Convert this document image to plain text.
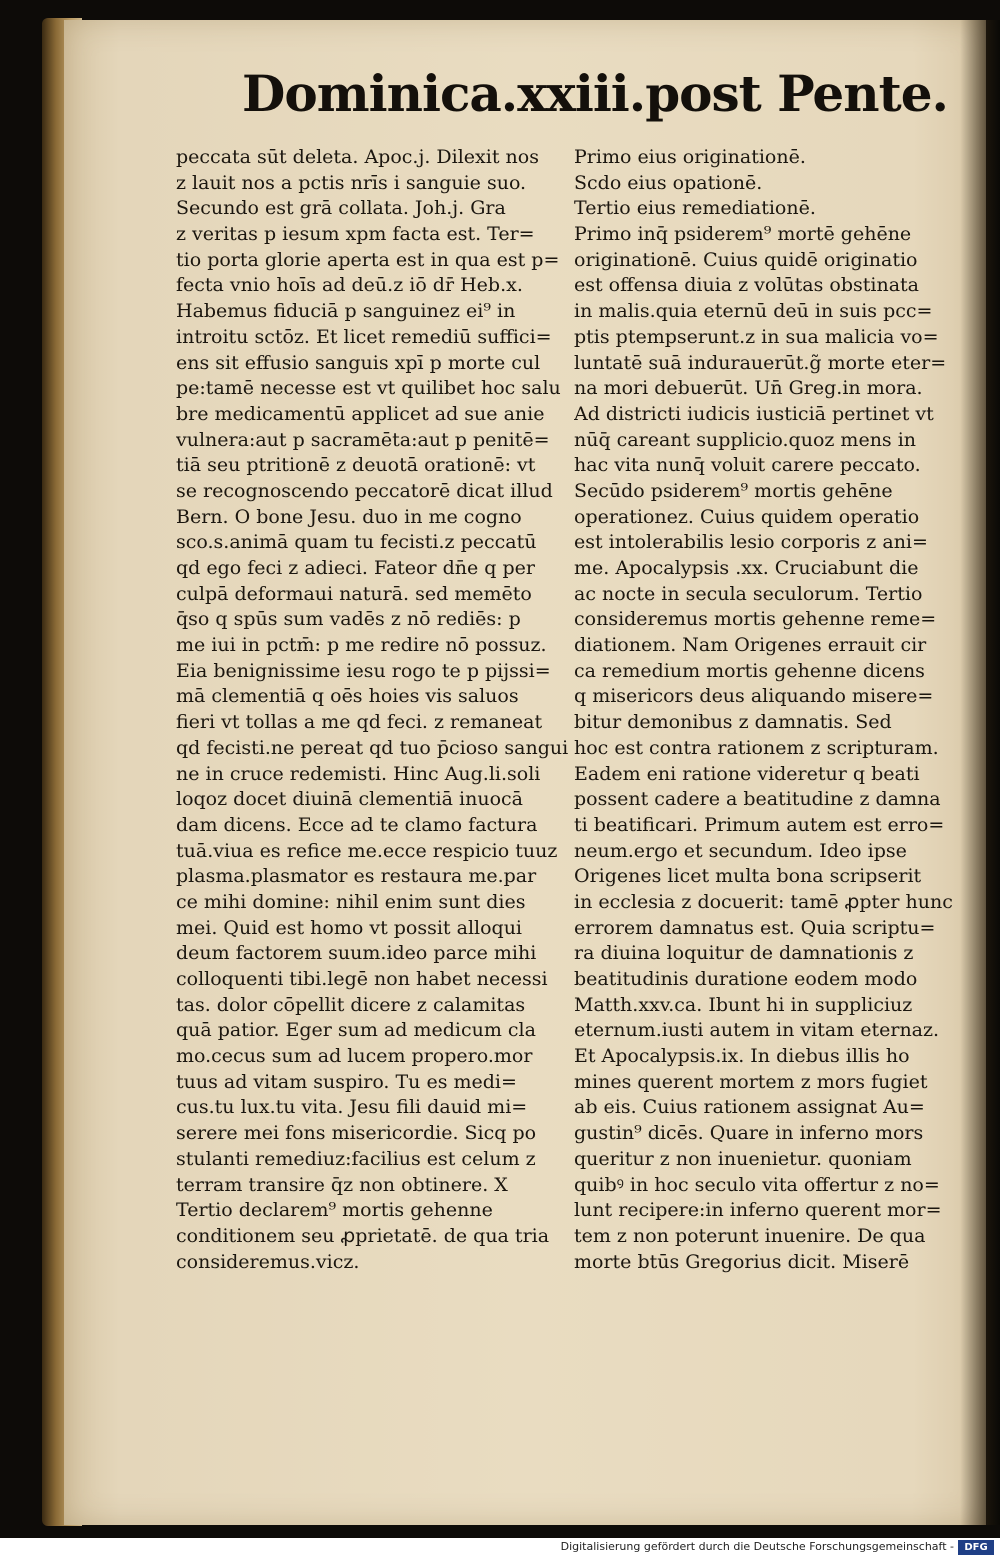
Dominica.xxiii.post Pente.
peccata sūt deleta. Apoc.j. Dilexit nos
z lauit nos a pctis nrīs i sanguie suo.
Secundo est grā collata. Joh.j. Gra
z veritas p iesum xpm facta est. Ter=
tio porta glorie aperta est in qua est p=
fecta vnio hoīs ad deū.z iō dr̄ Heb.x.
Habemus fiduciā p sanguinez ei⁹ in
introitu sctōz. Et licet remediū suffici=
ens sit effusio sanguis xpī p morte cul
pe:tamē necesse est vt quilibet hoc salu
bre medicamentū applicet ad sue anie
vulnera:aut p sacramēta:aut p penitē=
tiā seu ptritionē z deuotā orationē: vt
se recognoscendo peccatorē dicat illud
Bern. O bone Jesu. duo in me cogno
sco.s.animā quam tu fecisti.z peccatū
qd ego feci z adieci. Fateor dn̄e q per
culpā deformaui naturā. sed memēto
q̄so q spūs sum vadēs z nō rediēs: p
me iui in pctm̄: p me redire nō possuz.
Eia benignissime iesu rogo te p pijssi=
mā clementiā q oēs hoies vis saluos
fieri vt tollas a me qd feci. z remaneat
qd fecisti.ne pereat qd tuo p̄cioso sangui
ne in cruce redemisti. Hinc Aug.li.soli
loqoz docet diuinā clementiā inuocā
dam dicens. Ecce ad te clamo factura
tuā.viua es refice me.ecce respicio tuuz
plasma.plasmator es restaura me.par
ce mihi domine: nihil enim sunt dies
mei. Quid est homo vt possit alloqui
deum factorem suum.ideo parce mihi
colloquenti tibi.legē non habet necessi
tas. dolor cōpellit dicere z calamitas
quā patior. Eger sum ad medicum cla
mo.cecus sum ad lucem propero.mor
tuus ad vitam suspiro. Tu es medi=
cus.tu lux.tu vita. Jesu fili dauid mi=
serere mei fons misericordie. Sicq po
stulanti remediuz:facilius est celum z
terram transire q̄z non obtinere. X
Tertio declarem⁹ mortis gehenne
conditionem seu ꝓprietatē. de qua tria
consideremus.vicz.
Primo eius originationē.
Scdo eius opationē.
Tertio eius remediationē.
Primo inq̄ psiderem⁹ mortē gehēne
originationē. Cuius quidē originatio
est offensa diuia z volūtas obstinata
in malis.quia eternū deū in suis pcc=
ptis ptempserunt.z in sua malicia vo=
luntatē suā indurauerūt.g̃ morte eter=
na mori debuerūt. Un̄ Greg.in mora.
Ad districti iudicis iusticiā pertinet vt
nūq̄ careant supplicio.quoz mens in
hac vita nunq̄ voluit carere peccato.
Secūdo psiderem⁹ mortis gehēne
operationez. Cuius quidem operatio
est intolerabilis lesio corporis z ani=
me. Apocalypsis .xx. Cruciabunt die
ac nocte in secula seculorum. Tertio
consideremus mortis gehenne reme=
diationem. Nam Origenes errauit cir
ca remedium mortis gehenne dicens
q misericors deus aliquando misere=
bitur demonibus z damnatis. Sed
hoc est contra rationem z scripturam.
Eadem eni ratione videretur q beati
possent cadere a beatitudine z damna
ti beatificari. Primum autem est erro=
neum.ergo et secundum. Ideo ipse
Origenes licet multa bona scripserit
in ecclesia z docuerit: tamē ꝓpter hunc
errorem damnatus est. Quia scriptu=
ra diuina loquitur de damnationis z
beatitudinis duratione eodem modo
Matth.xxv.ca. Ibunt hi in suppliciuz
eternum.iusti autem in vitam eternaz.
Et Apocalypsis.ix. In diebus illis ho
mines querent mortem z mors fugiet
ab eis. Cuius rationem assignat Au=
gustin⁹ dicēs. Quare in inferno mors
queritur z non inuenietur. quoniam
quibꝰ in hoc seculo vita offertur z no=
lunt recipere:in inferno querent mor=
tem z non poterunt inuenire. De qua
morte btūs Gregorius dicit. Miserē
Digitalisierung gefördert durch die Deutsche Forschungsgemeinschaft -	DFG
